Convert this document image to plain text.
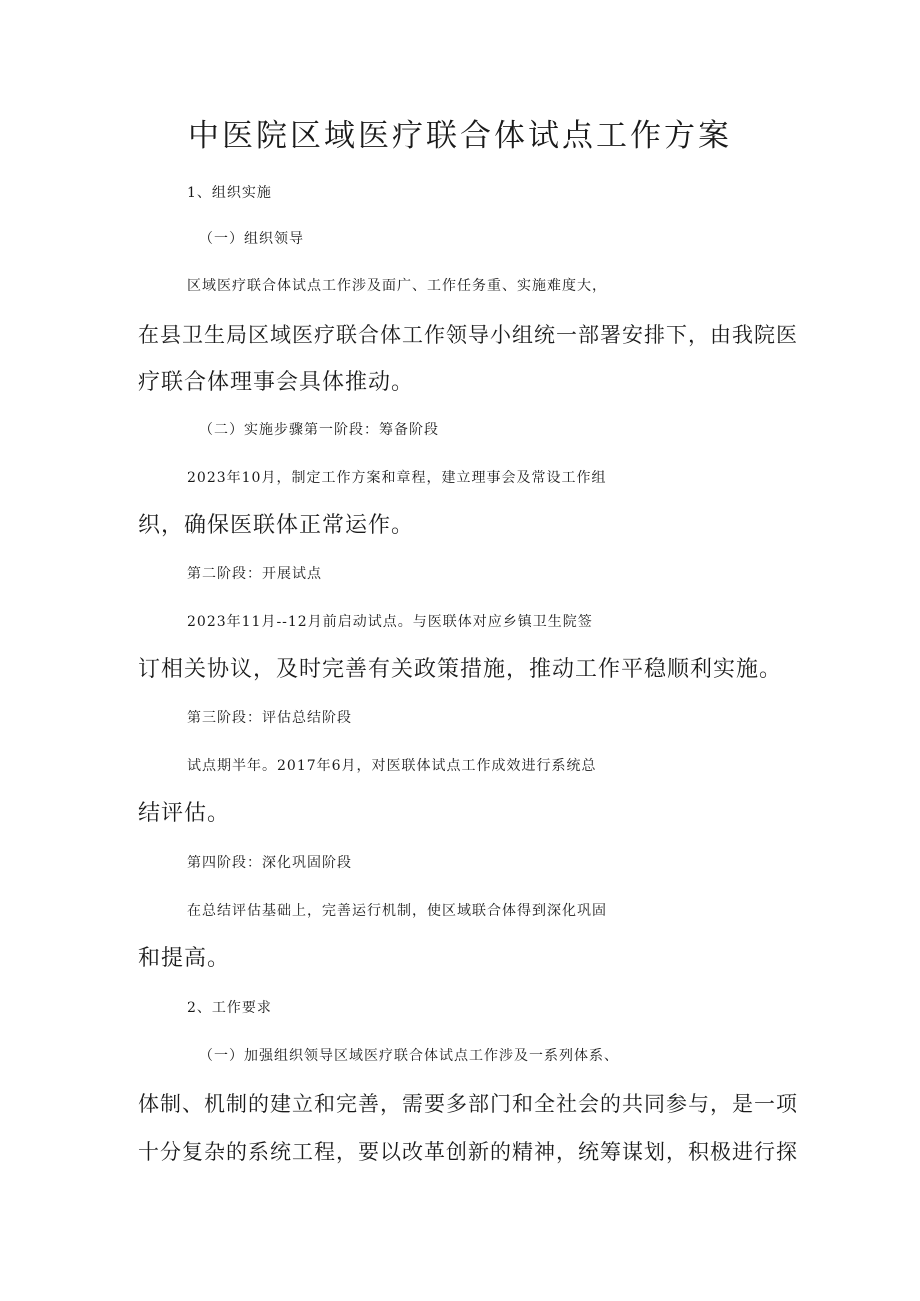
中医院区域医疗联合体试点工作方案
1、组织实施
（一）组织领导
区域医疗联合体试点工作涉及面广、工作任务重、实施难度大，
在县卫生局区域医疗联合体工作领导小组统一部署安排下，由我院医
疗联合体理事会具体推动。
（二）实施步骤第一阶段：筹备阶段
2023年10月，制定工作方案和章程，建立理事会及常设工作组
织，确保医联体正常运作。
第二阶段：开展试点
2023年11月--12月前启动试点。与医联体对应乡镇卫生院签
订相关协议，及时完善有关政策措施，推动工作平稳顺利实施。
第三阶段：评估总结阶段
试点期半年。2017年6月，对医联体试点工作成效进行系统总
结评估。
第四阶段：深化巩固阶段
在总结评估基础上，完善运行机制，使区域联合体得到深化巩固
和提高。
2、工作要求
（一）加强组织领导区域医疗联合体试点工作涉及一系列体系、
体制、机制的建立和完善，需要多部门和全社会的共同参与，是一项
十分复杂的系统工程，要以改革创新的精神，统筹谋划，积极进行探
